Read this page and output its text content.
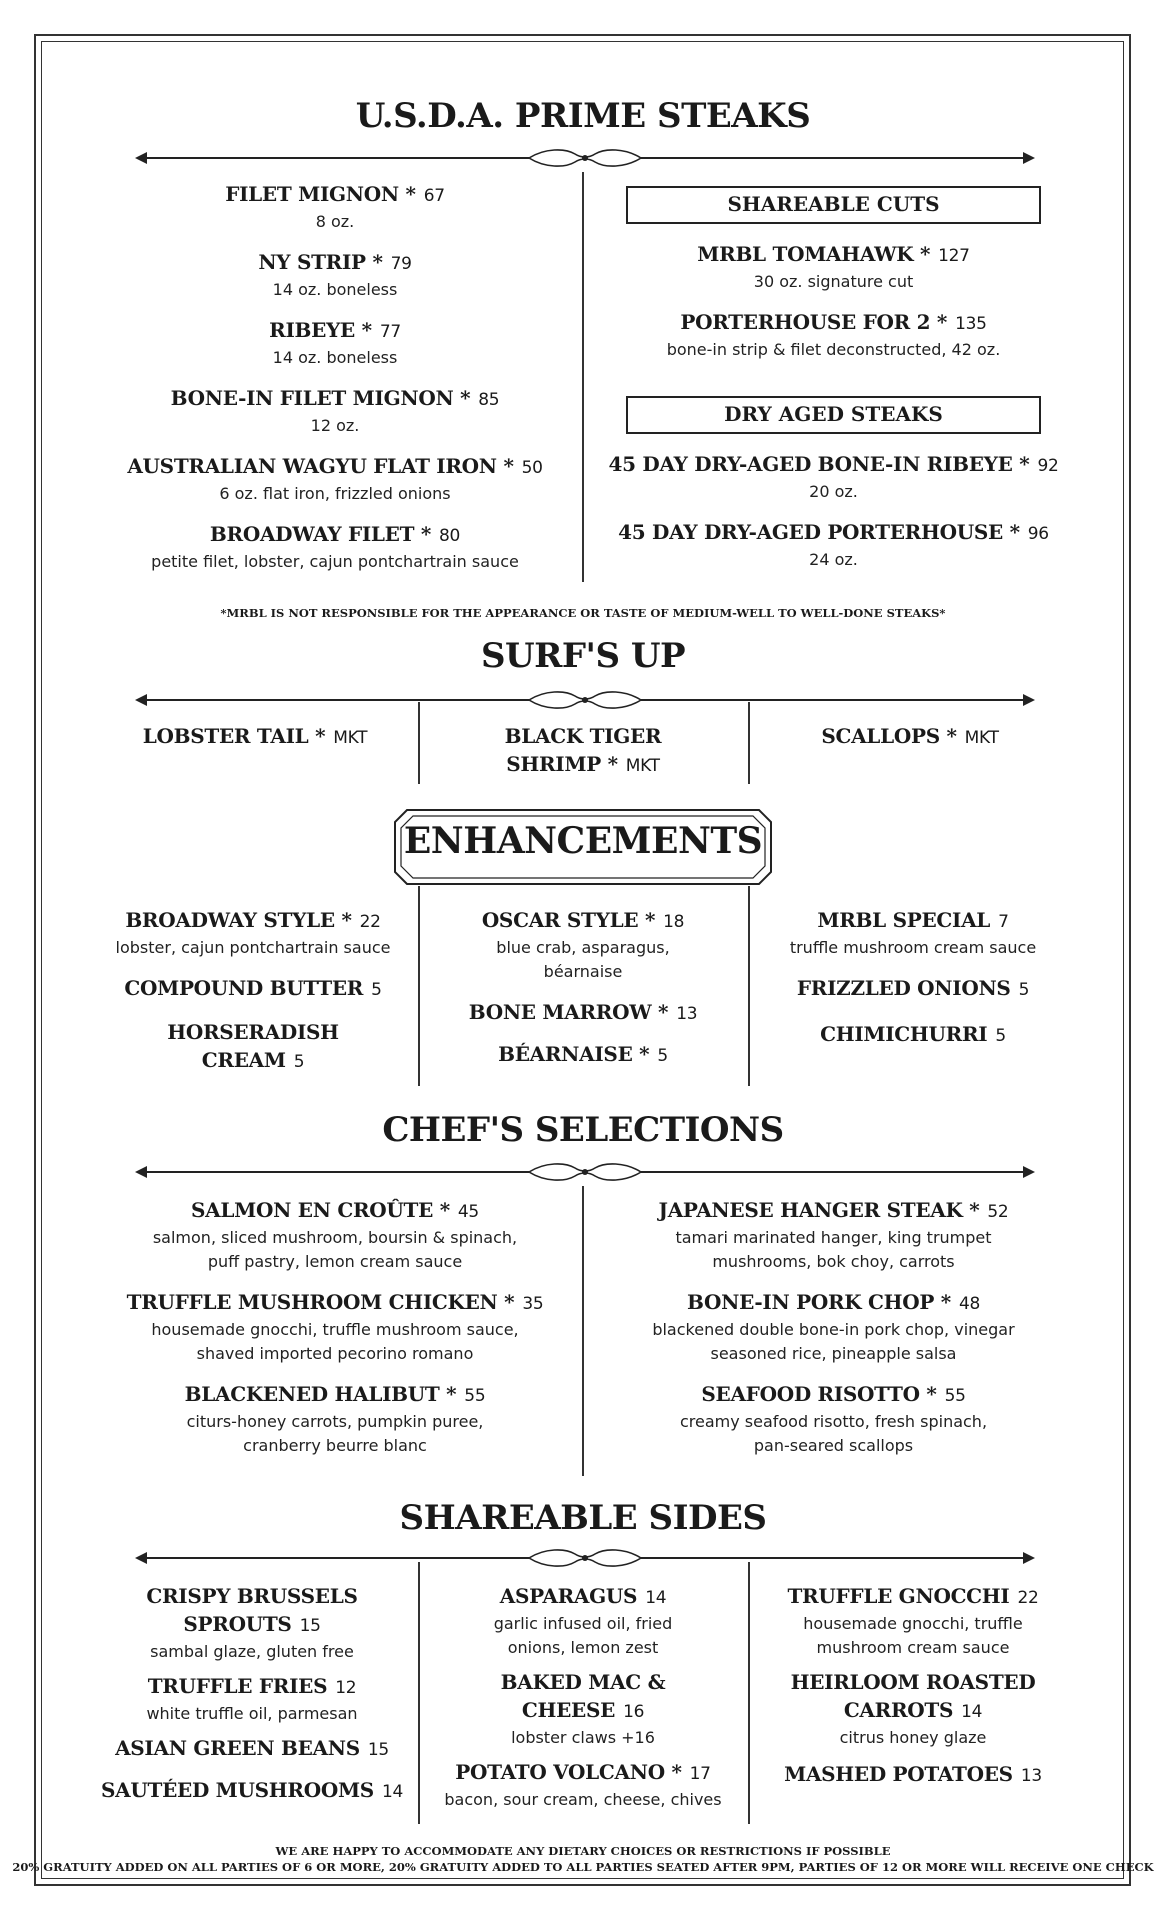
U.S.D.A. PRIME STEAKS
FILET MIGNON * 67
8 oz.
NY STRIP * 79
14 oz. boneless
RIBEYE * 77
14 oz. boneless
BONE-IN FILET MIGNON * 85
12 oz.
AUSTRALIAN WAGYU FLAT IRON * 50
6 oz. flat iron, frizzled onions
BROADWAY FILET * 80
petite filet, lobster, cajun pontchartrain sauce
SHAREABLE CUTS
MRBL TOMAHAWK * 127
30 oz. signature cut
PORTERHOUSE FOR 2 * 135
bone-in strip & filet deconstructed, 42 oz.
DRY AGED STEAKS
45 DAY DRY-AGED BONE-IN RIBEYE * 92
20 oz.
45 DAY DRY-AGED PORTERHOUSE * 96
24 oz.
*MRBL IS NOT RESPONSIBLE FOR THE APPEARANCE OR TASTE OF MEDIUM-WELL TO WELL-DONE STEAKS*
SURF'S UP
LOBSTER TAIL * MKT	BLACK TIGER
SHRIMP * MKT
SCALLOPS * MKT
ENHANCEMENTS
BROADWAY STYLE * 22
lobster, cajun pontchartrain sauce
COMPOUND BUTTER 5
HORSERADISH
CREAM 5
OSCAR STYLE * 18
blue crab, asparagus,
béarnaise
BONE MARROW * 13
BÉARNAISE * 5
MRBL SPECIAL 7
truffle mushroom cream sauce
FRIZZLED ONIONS 5
CHIMICHURRI 5
CHEF'S SELECTIONS
SALMON EN CROÛTE * 45
salmon, sliced mushroom, boursin & spinach,
puff pastry, lemon cream sauce
TRUFFLE MUSHROOM CHICKEN * 35
housemade gnocchi, truffle mushroom sauce,
shaved imported pecorino romano
BLACKENED HALIBUT * 55
citurs-honey carrots, pumpkin puree,
cranberry beurre blanc
JAPANESE HANGER STEAK * 52
tamari marinated hanger, king trumpet
mushrooms, bok choy, carrots
BONE-IN PORK CHOP * 48
blackened double bone-in pork chop, vinegar
seasoned rice, pineapple salsa
SEAFOOD RISOTTO * 55
creamy seafood risotto, fresh spinach,
pan-seared scallops
SHAREABLE SIDES
CRISPY BRUSSELS
SPROUTS 15
sambal glaze, gluten free
TRUFFLE FRIES 12
white truffle oil, parmesan
ASIAN GREEN BEANS 15
SAUTÉED MUSHROOMS 14
ASPARAGUS 14
garlic infused oil, fried
onions, lemon zest
BAKED MAC &
CHEESE 16
lobster claws +16
POTATO VOLCANO * 17
bacon, sour cream, cheese, chives
TRUFFLE GNOCCHI 22
housemade gnocchi, truffle
mushroom cream sauce
HEIRLOOM ROASTED
CARROTS 14
citrus honey glaze
MASHED POTATOES 13
WE ARE HAPPY TO ACCOMMODATE ANY DIETARY CHOICES OR RESTRICTIONS IF POSSIBLE
20% GRATUITY ADDED ON ALL PARTIES OF 6 OR MORE, 20% GRATUITY ADDED TO ALL PARTIES SEATED AFTER 9PM, PARTIES OF 12 OR MORE WILL RECEIVE ONE CHECK
